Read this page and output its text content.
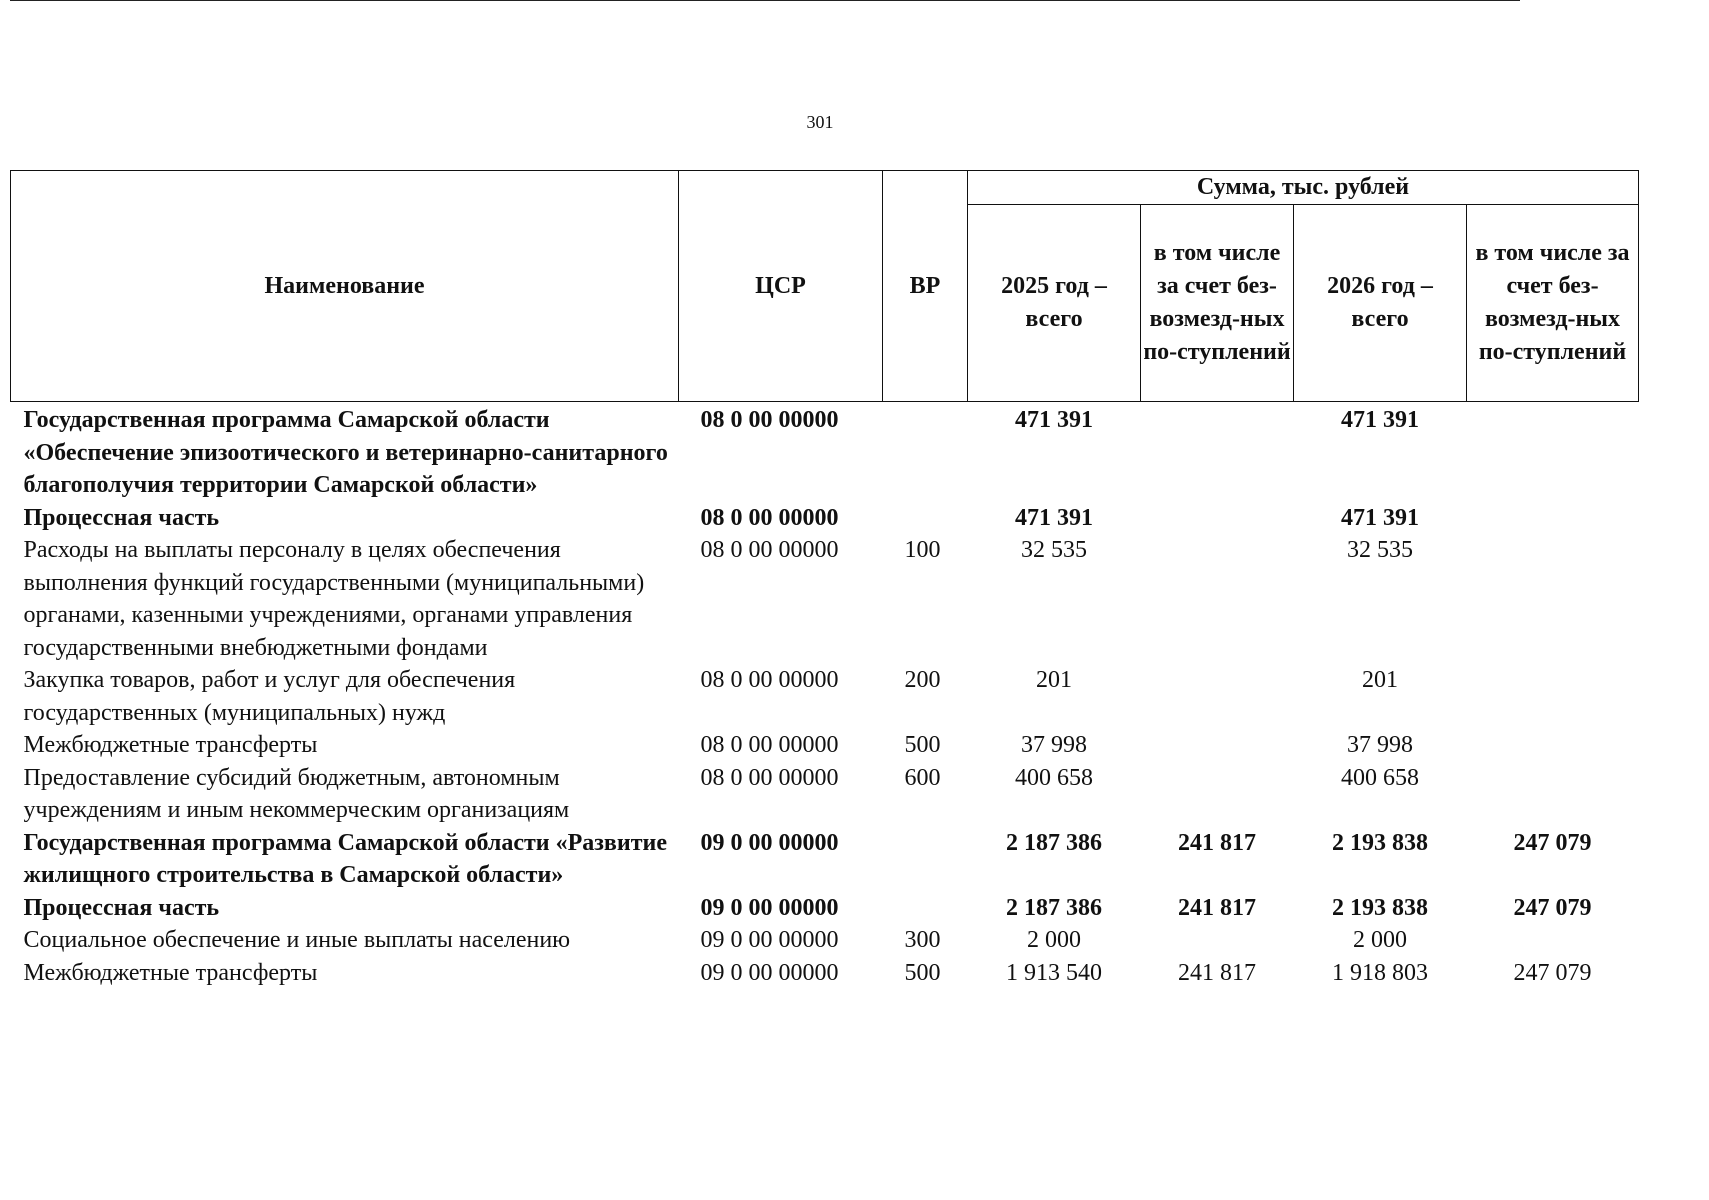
301
Наименование	ЦСР	ВР	Сумма, тыс. рублей			
			2025 год – всего	в том числе за счет без-возмезд-ных по-ступлений	2026 год – всего	в том числе за счет без-возмезд-ных по-ступлений
Государственная программа Самарской области «Обеспечение эпизоотического и ветеринарно-санитарного благополучия территории Самарской области»	08 0 00 00000		471 391		471 391	
Процессная часть	08 0 00 00000		471 391		471 391	
Расходы на выплаты персоналу в целях обеспечения выполнения функций государственными (муниципальными) органами, казенными учреждениями, органами управления государственными внебюджетными фондами	08 0 00 00000	100	32 535		32 535	
Закупка товаров, работ и услуг для обеспечения государственных (муниципальных) нужд	08 0 00 00000	200	201		201	
Межбюджетные трансферты	08 0 00 00000	500	37 998		37 998	
Предоставление субсидий бюджетным, автономным учреждениям и иным некоммерческим организациям	08 0 00 00000	600	400 658		400 658	
Государственная программа Самарской области «Развитие жилищного строительства в Самарской области»	09 0 00 00000		2 187 386	241 817	2 193 838	247 079
Процессная часть	09 0 00 00000		2 187 386	241 817	2 193 838	247 079
Социальное обеспечение и иные выплаты населению	09 0 00 00000	300	2 000		2 000	
Межбюджетные трансферты	09 0 00 00000	500	1 913 540	241 817	1 918 803	247 079
